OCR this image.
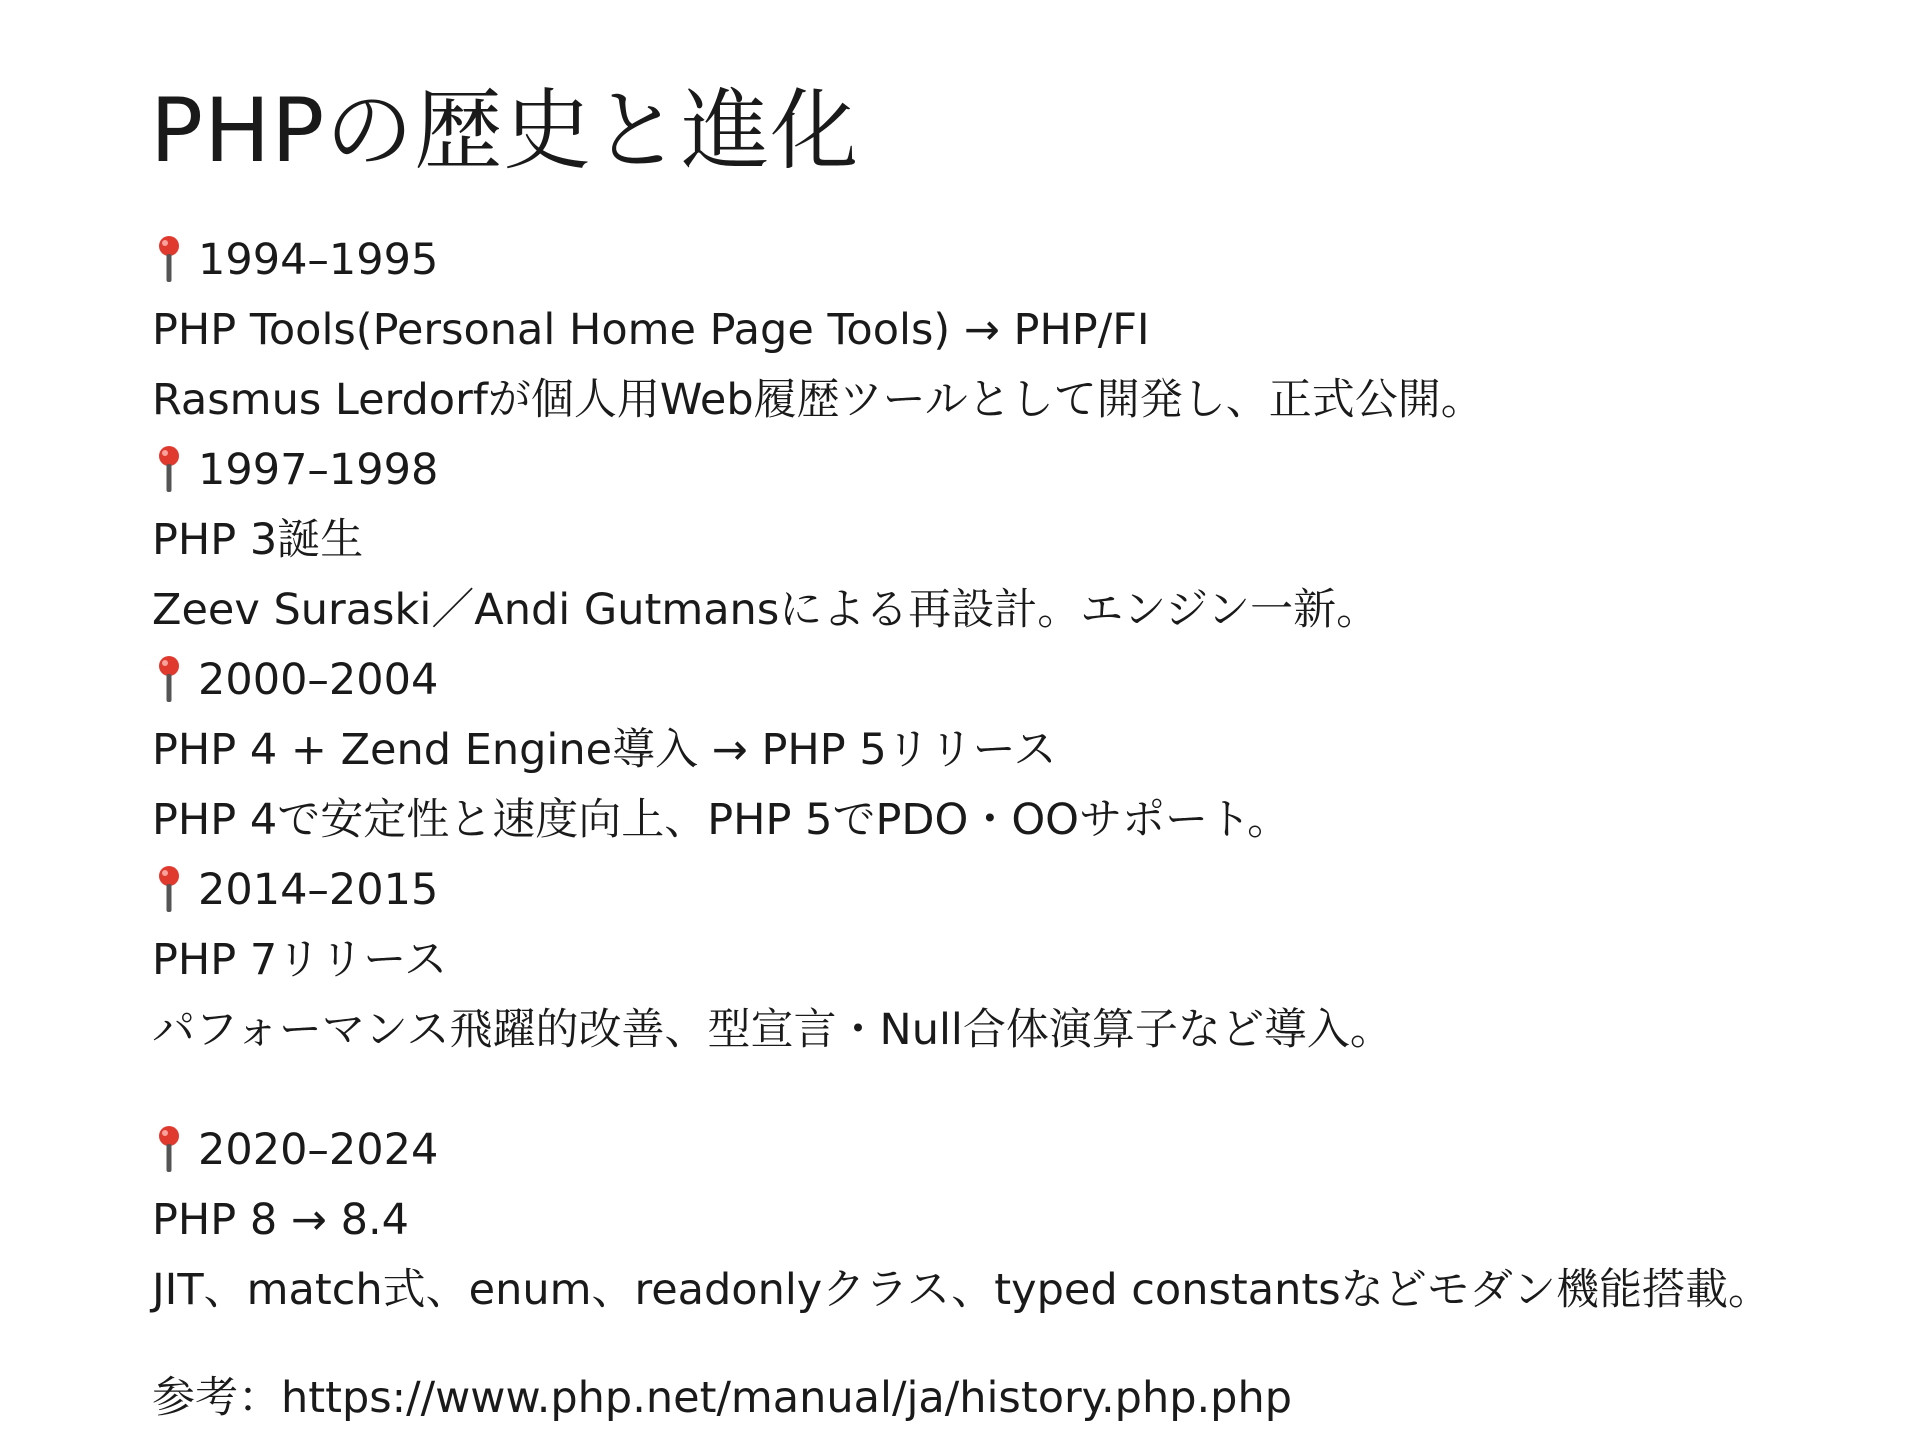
PHPの歴史と進化
1994–1995
PHP Tools(Personal Home Page Tools) → PHP/FI
Rasmus Lerdorfが個人用Web履歴ツールとして開発し、正式公開。
1997–1998
PHP 3誕生
Zeev Suraski／Andi Gutmansによる再設計。エンジン一新。
2000–2004
PHP 4 + Zend Engine導入 → PHP 5リリース
PHP 4で安定性と速度向上、PHP 5でPDO・OOサポート。
2014–2015
PHP 7リリース
パフォーマンス飛躍的改善、型宣言・Null合体演算子など導入。
2020–2024
PHP 8 → 8.4
JIT、match式、enum、readonlyクラス、typed constantsなどモダン機能搭載。
参考：https://www.php.net/manual/ja/history.php.php
